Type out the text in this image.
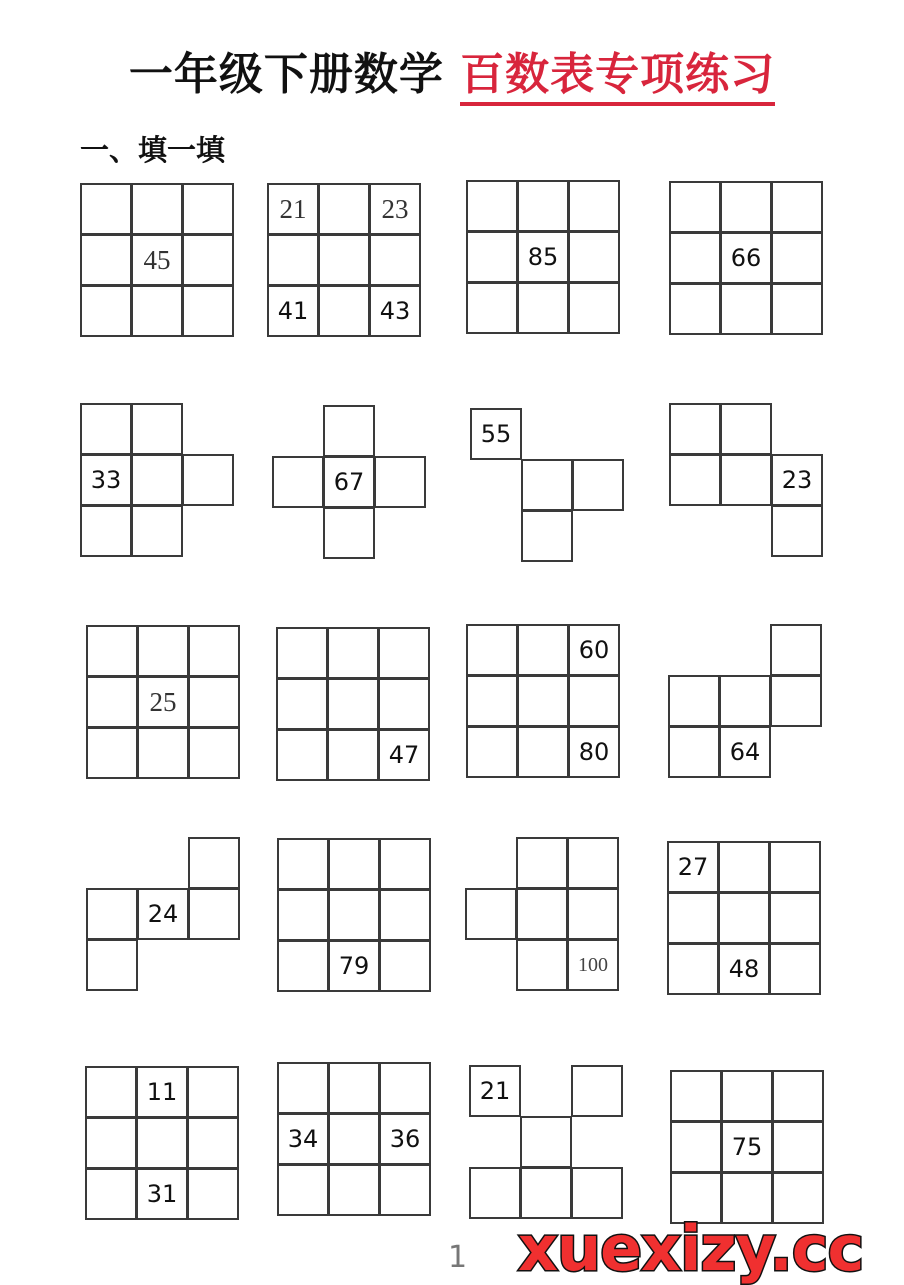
一年级下册数学 百数表专项练习
一、填一填
45
21	23
41	43
85	66
33	67
55
23
25
47
60
80	64
24
79	100
27
48
11
31
34	36
21
75
1 xuexizy.cc
